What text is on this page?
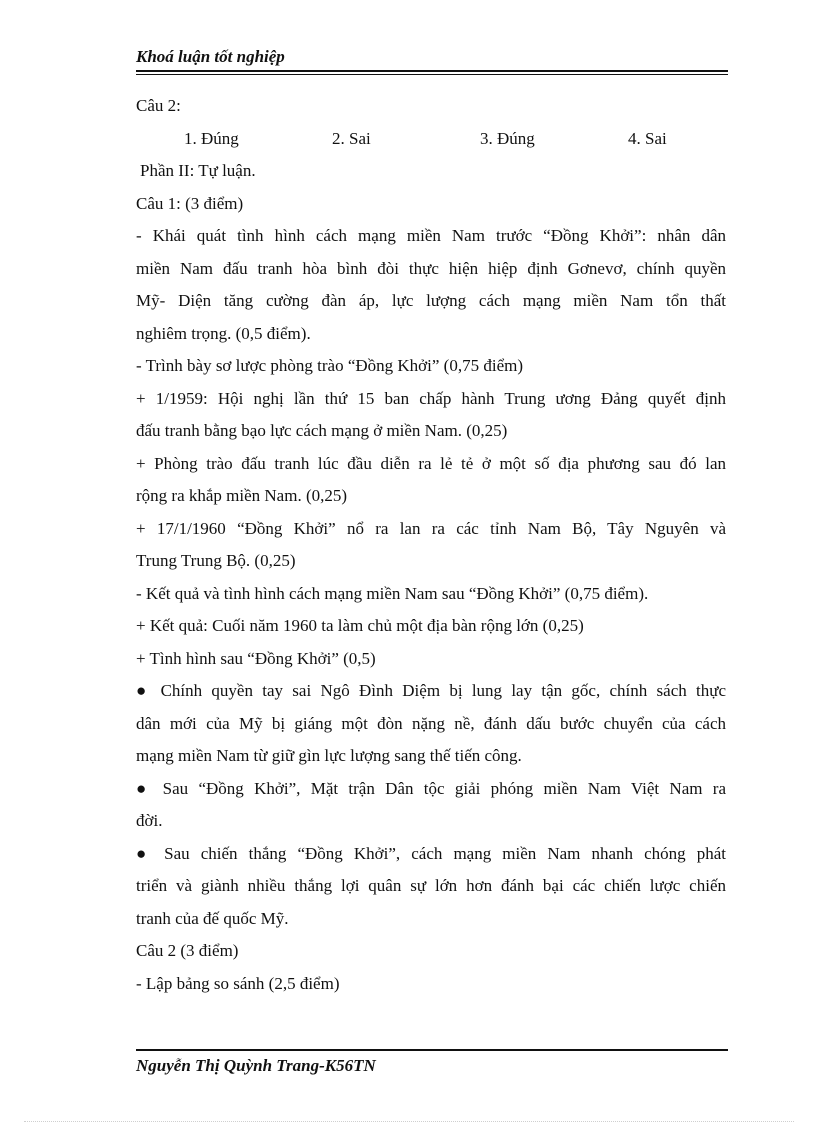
Khoá luận tốt nghiệp
Câu 2:
1. Đúng	2. Sai	3. Đúng	4. Sai
Phần II: Tự luận.
Câu 1: (3 điểm)
- Khái quát tình hình cách mạng miền Nam trước “Đồng Khởi”: nhân dân
miền Nam đấu tranh hòa bình đòi thực hiện hiệp định Gơnevơ, chính quyền
Mỹ- Diện tăng cường đàn áp, lực lượng cách mạng miền Nam tổn thất
nghiêm trọng. (0,5 điểm).
- Trình bày sơ lược phòng trào “Đồng Khởi” (0,75 điểm)
+ 1/1959: Hội nghị lần thứ 15 ban chấp hành Trung ương Đảng quyết định
đấu tranh bằng bạo lực cách mạng ở miền Nam. (0,25)
+ Phòng trào đấu tranh lúc đầu diễn ra lẻ tẻ ở một số địa phương sau đó lan
rộng ra khắp miền Nam. (0,25)
+ 17/1/1960 “Đồng Khởi” nổ ra lan ra các tỉnh Nam Bộ, Tây Nguyên và
Trung Trung Bộ. (0,25)
- Kết quả và tình hình cách mạng miền Nam sau “Đồng Khởi” (0,75 điểm).
+ Kết quả: Cuối năm 1960 ta làm chủ một địa bàn rộng lớn (0,25)
+ Tình hình sau “Đồng Khởi” (0,5)
● Chính quyền tay sai Ngô Đình Diệm bị lung lay tận gốc, chính sách thực
dân mới của Mỹ bị giáng một đòn nặng nề, đánh dấu bước chuyển của cách
mạng miền Nam từ giữ gìn lực lượng sang thế tiến công.
● Sau “Đồng Khởi”, Mặt trận Dân tộc giải phóng miền Nam Việt Nam ra
đời.
● Sau chiến thắng “Đồng Khởi”, cách mạng miền Nam nhanh chóng phát
triển và giành nhiều thắng lợi quân sự lớn hơn đánh bại các chiến lược chiến
tranh của đế quốc Mỹ.
Câu 2 (3 điểm)
- Lập bảng so sánh (2,5 điểm)
Nguyễn Thị Quỳnh Trang-K56TN
